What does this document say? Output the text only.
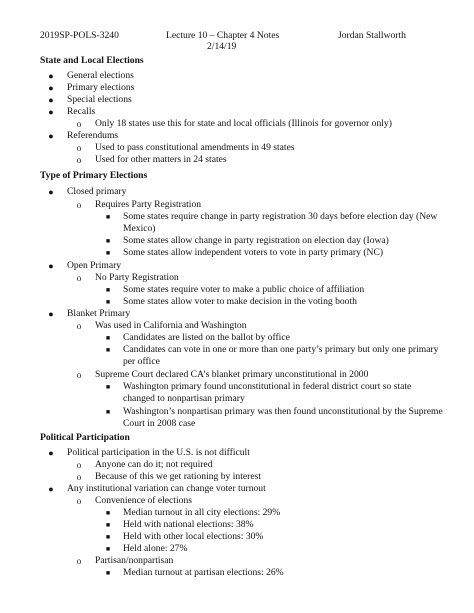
2019SP-POLS-3240	Lecture 10 – Chapter 4 Notes	Jordan Stallworth
2/14/19
State and Local Elections
● General elections
● Primary elections
● Special elections
● Recalls
o Only 18 states use this for state and local officials (Illinois for governor only)
● Referendums
o Used to pass constitutional amendments in 49 states
o Used for other matters in 24 states
Type of Primary Elections
● Closed primary
o Requires Party Registration
■	Some states require change in party registration 30 days before election day (New Mexico)
■	Some states allow change in party registration on election day (Iowa)
■	Some states allow independent voters to vote in party primary (NC)
● Open Primary
o No Party Registration
■	Some states require voter to make a public choice of affiliation
■	Some states allow voter to make decision in the voting booth
● Blanket Primary
o Was used in California and Washington
■	Candidates are listed on the ballot by office
■	Candidates can vote in one or more than one party’s primary but only one primary per office
o Supreme Court declared CA’s blanket primary unconstitutional in 2000
■	Washington primary found unconstitutional in federal district court so state changed to nonpartisan primary
■	Washington’s nonpartisan primary was then found unconstitutional by the Supreme Court in 2008 case
Political Participation
● Political participation in the U.S. is not difficult
o Anyone can do it; not required
o Because of this we get rationing by interest
● Any institutional variation can change voter turnout
o Convenience of elections
■	Median turnout in all city elections: 29%
■	Held with national elections: 38%
■	Held with other local elections: 30%
■	Held alone: 27%
o Partisan/nonpartisan
■	Median turnout at partisan elections: 26%
